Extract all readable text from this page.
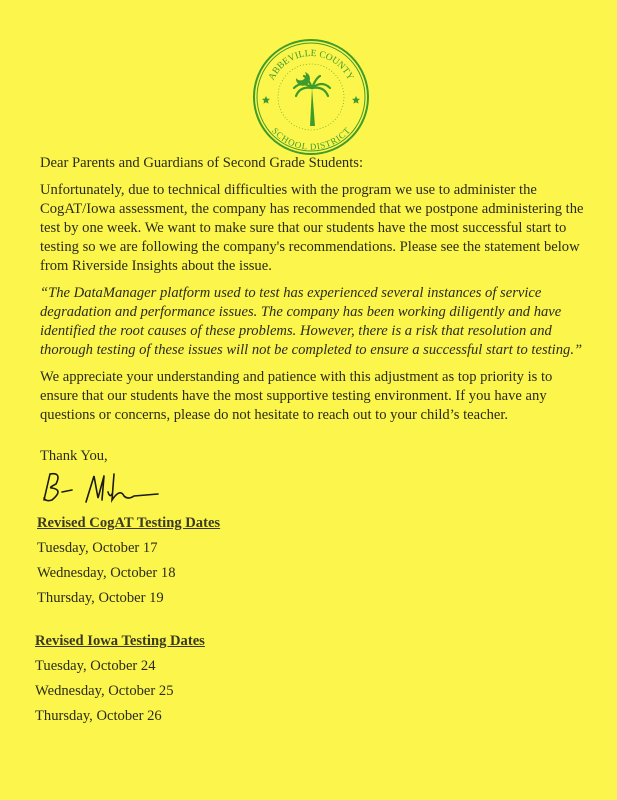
ABBEVILLE COUNTY
SCHOOL DISTRICT

Dear Parents and Guardians of Second Grade Students:

Unfortunately, due to technical difficulties with the program we use to administer the CogAT/Iowa assessment, the company has recommended that we postpone administering the test by one week. We want to make sure that our students have the most successful start to testing so we are following the company's recommendations. Please see the statement below from Riverside Insights about the issue.

“The DataManager platform used to test has experienced several instances of service degradation and performance issues. The company has been working diligently and have identified the root causes of these problems. However, there is a risk that resolution and thorough testing of these issues will not be completed to ensure a successful start to testing.”

We appreciate your understanding and patience with this adjustment as top priority is to ensure that our students have the most supportive testing environment. If you have any questions or concerns, please do not hesitate to reach out to your child’s teacher.

Thank You,

Revised CogAT Testing Dates
Tuesday, October 17
Wednesday, October 18
Thursday, October 19
Revised Iowa Testing Dates
Tuesday, October 24
Wednesday, October 25
Thursday, October 26
